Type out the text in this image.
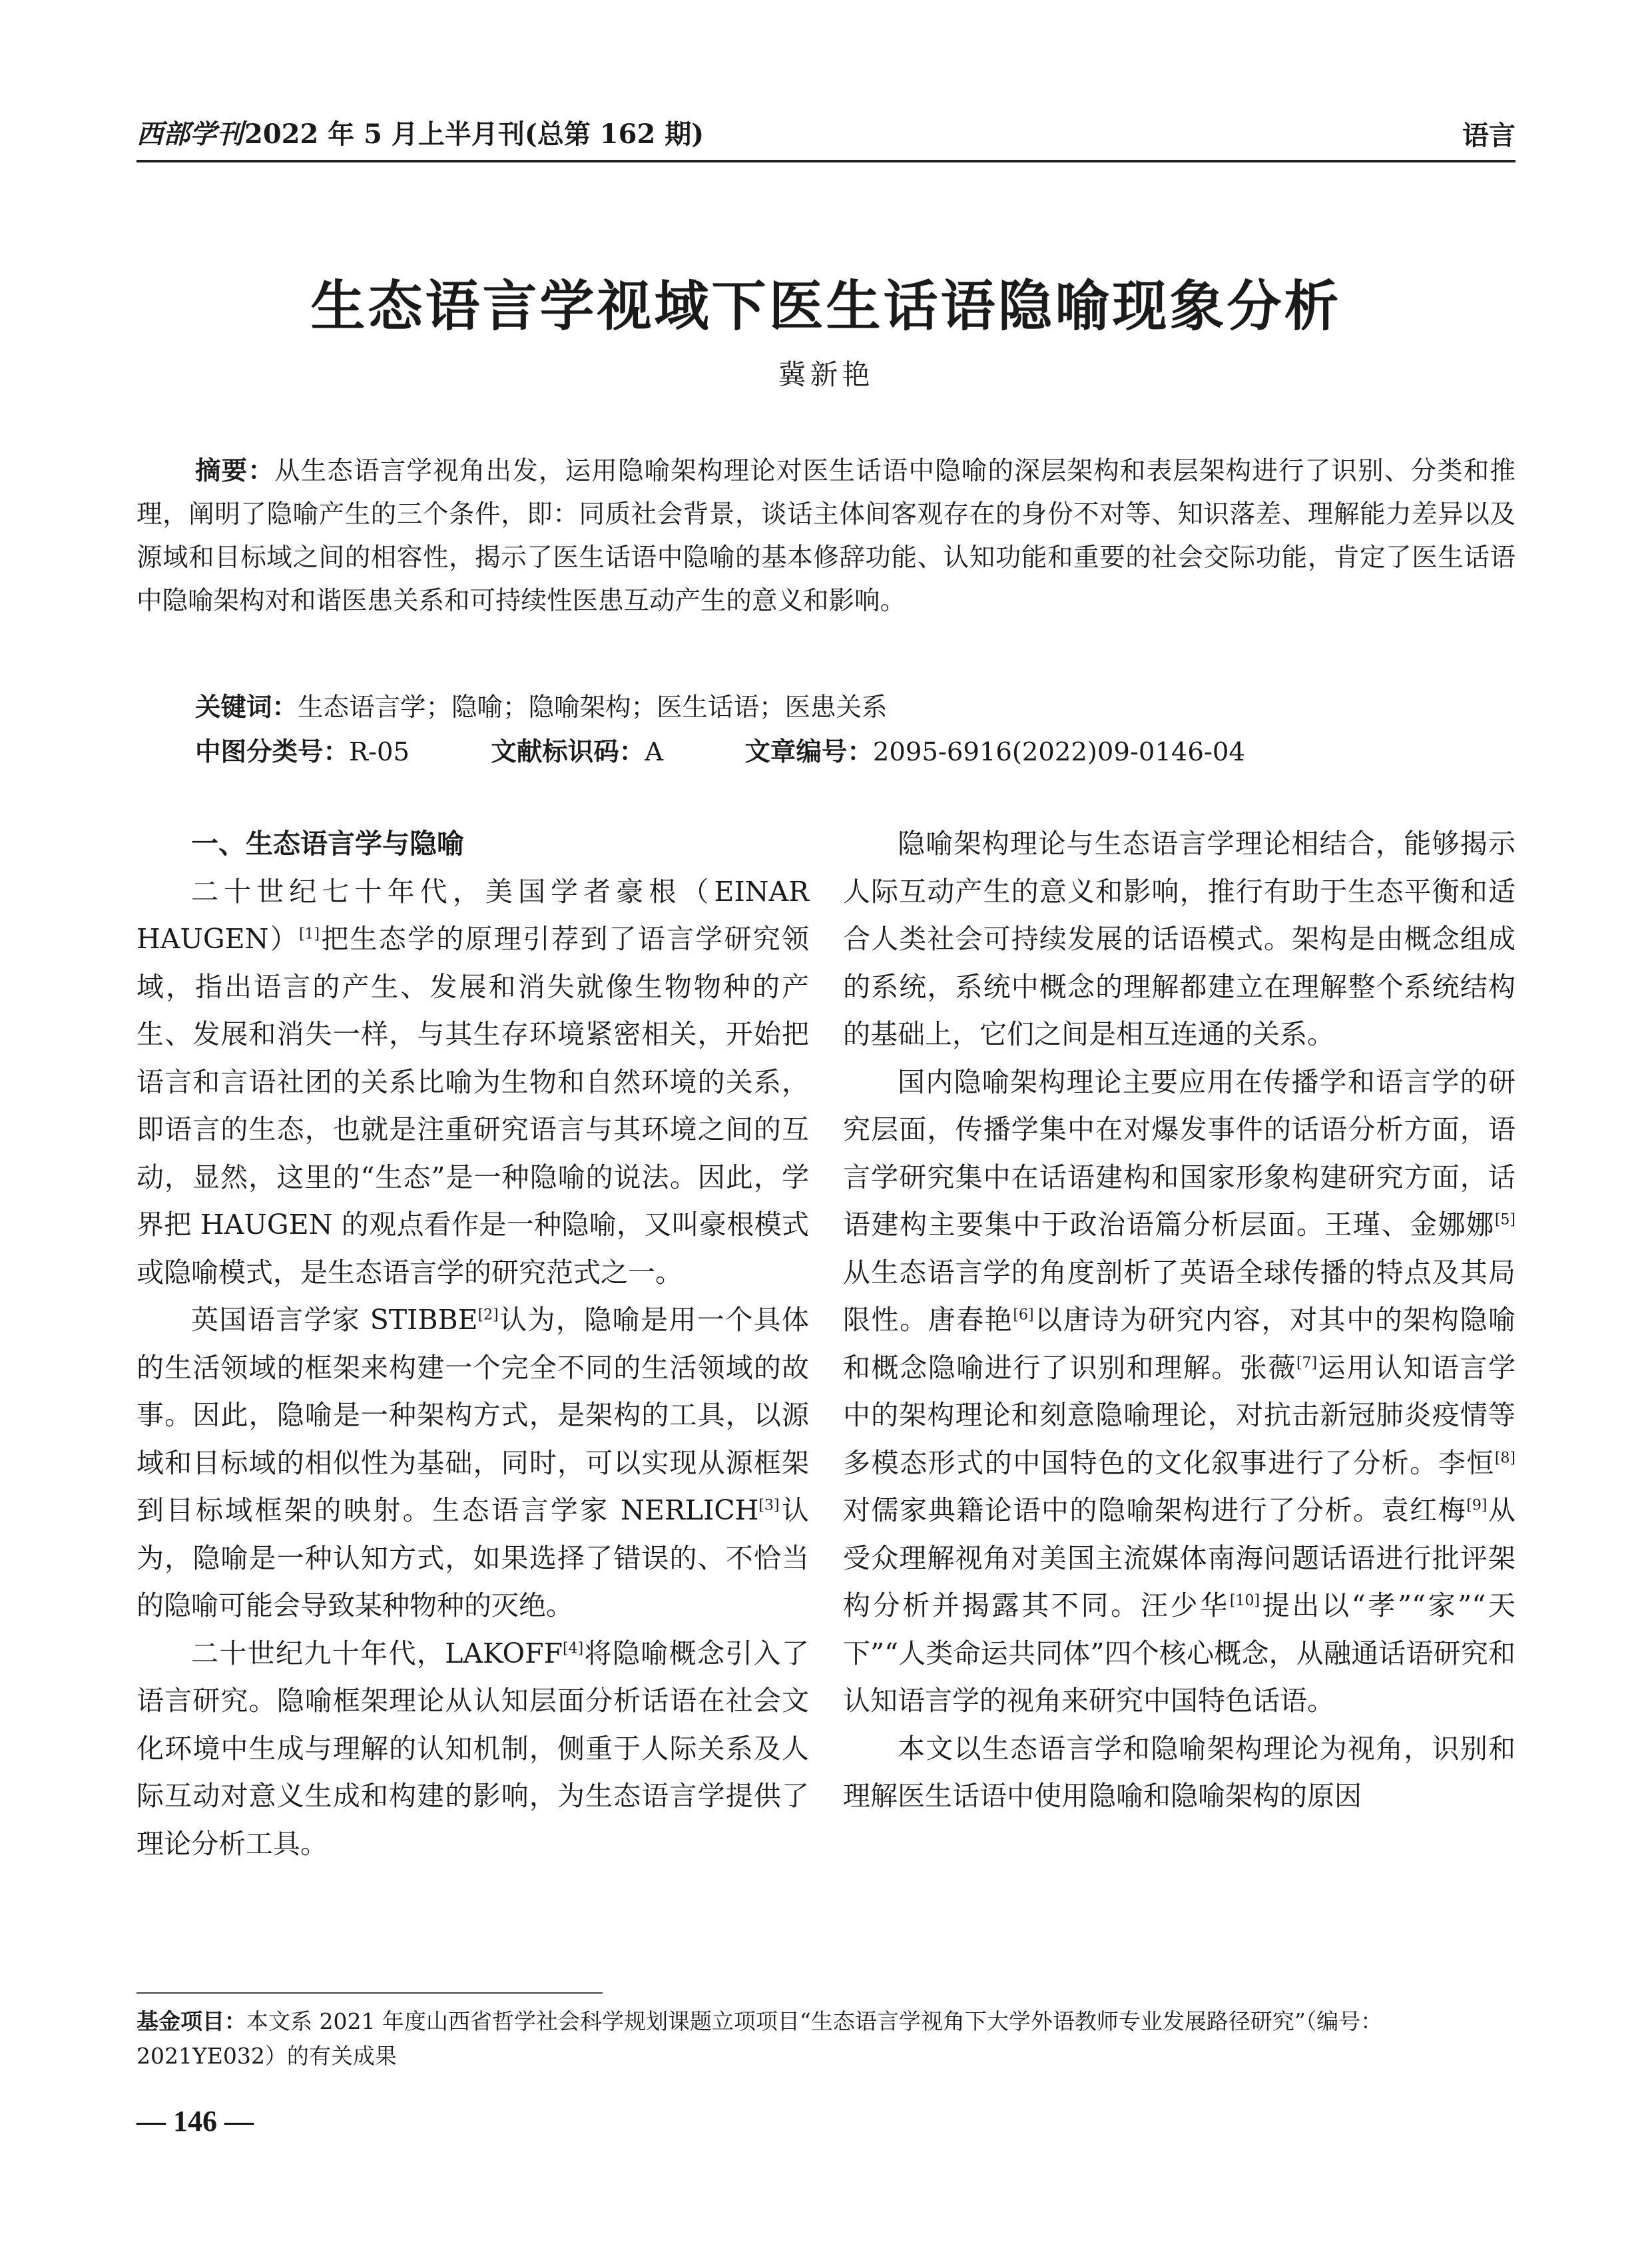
西部学刊2022 年 5 月上半月刊(总第 162 期)	语言
生态语言学视域下医生话语隐喻现象分析
冀新艳
摘要：从生态语言学视角出发，运用隐喻架构理论对医生话语中隐喻的深层架构和表层架构进行了识别、分类和推理，阐明了隐喻产生的三个条件，即：同质社会背景，谈话主体间客观存在的身份不对等、知识落差、理解能力差异以及源域和目标域之间的相容性，揭示了医生话语中隐喻的基本修辞功能、认知功能和重要的社会交际功能，肯定了医生话语中隐喻架构对和谐医患关系和可持续性医患互动产生的意义和影响。
关键词：生态语言学；隐喻；隐喻架构；医生话语；医患关系
中图分类号：R-05	文献标识码：A	文章编号：2095-6916(2022)09-0146-04

一、生态语言学与隐喻

二十世纪七十年代，美国学者豪根（EINAR HAUGEN）[1]把生态学的原理引荐到了语言学研究领域，指出语言的产生、发展和消失就像生物物种的产生、发展和消失一样，与其生存环境紧密相关，开始把语言和言语社团的关系比喻为生物和自然环境的关系，即语言的生态，也就是注重研究语言与其环境之间的互动，显然，这里的“生态”是一种隐喻的说法。因此，学界把 HAUGEN 的观点看作是一种隐喻，又叫豪根模式或隐喻模式，是生态语言学的研究范式之一。

英国语言学家 STIBBE[2]认为，隐喻是用一个具体的生活领域的框架来构建一个完全不同的生活领域的故事。因此，隐喻是一种架构方式，是架构的工具，以源域和目标域的相似性为基础，同时，可以实现从源框架到目标域框架的映射。生态语言学家 NERLICH[3]认为，隐喻是一种认知方式，如果选择了错误的、不恰当的隐喻可能会导致某种物种的灭绝。

二十世纪九十年代，LAKOFF[4]将隐喻概念引入了语言研究。隐喻框架理论从认知层面分析话语在社会文化环境中生成与理解的认知机制，侧重于人际关系及人际互动对意义生成和构建的影响，为生态语言学提供了理论分析工具。

隐喻架构理论与生态语言学理论相结合，能够揭示人际互动产生的意义和影响，推行有助于生态平衡和适合人类社会可持续发展的话语模式。架构是由概念组成的系统，系统中概念的理解都建立在理解整个系统结构的基础上，它们之间是相互连通的关系。

国内隐喻架构理论主要应用在传播学和语言学的研究层面，传播学集中在对爆发事件的话语分析方面，语言学研究集中在话语建构和国家形象构建研究方面，话语建构主要集中于政治语篇分析层面。王瑾、金娜娜[5]从生态语言学的角度剖析了英语全球传播的特点及其局限性。唐春艳[6]以唐诗为研究内容，对其中的架构隐喻和概念隐喻进行了识别和理解。张薇[7]运用认知语言学中的架构理论和刻意隐喻理论，对抗击新冠肺炎疫情等多模态形式的中国特色的文化叙事进行了分析。李恒[8]对儒家典籍论语中的隐喻架构进行了分析。袁红梅[9]从受众理解视角对美国主流媒体南海问题话语进行批评架构分析并揭露其不同。汪少华[10]提出以“孝”“家”“天下”“人类命运共同体”四个核心概念，从融通话语研究和认知语言学的视角来研究中国特色话语。

本文以生态语言学和隐喻架构理论为视角，识别和理解医生话语中使用隐喻和隐喻架构的原因

基金项目：本文系 2021 年度山西省哲学社会科学规划课题立项项目“生态语言学视角下大学外语教师专业发展路径研究”（编号：2021YE032）的有关成果
— 146 —
